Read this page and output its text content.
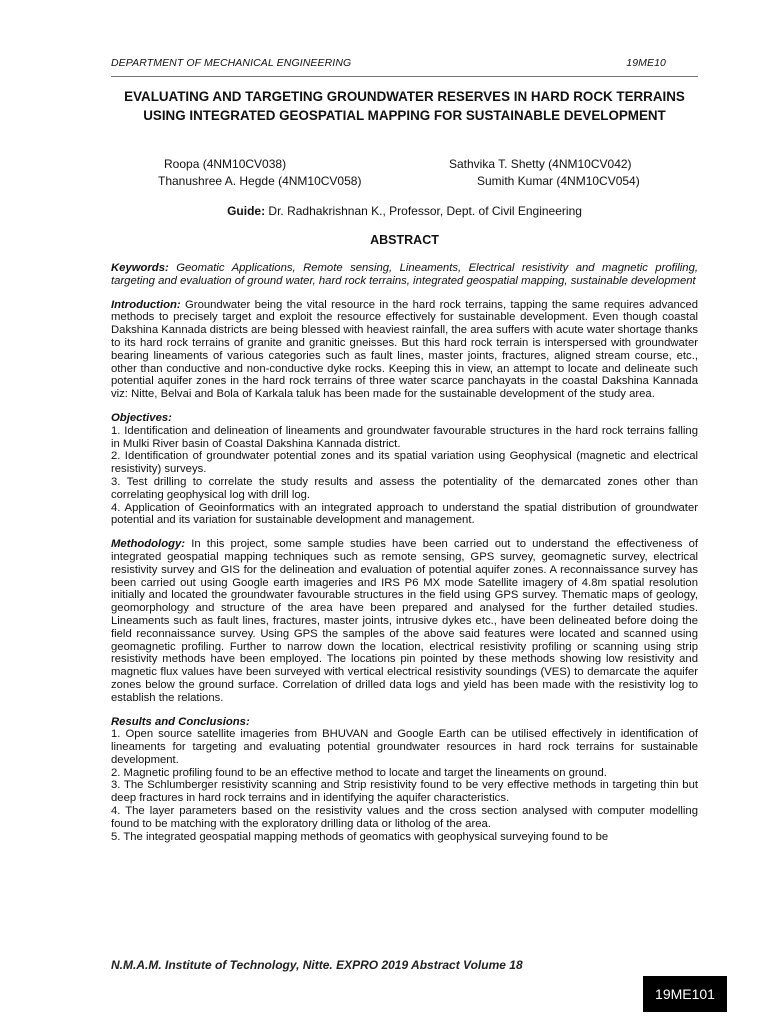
DEPARTMENT OF MECHANICAL ENGINEERING	19ME10
EVALUATING AND TARGETING GROUNDWATER RESERVES IN HARD ROCK TERRAINS USING INTEGRATED GEOSPATIAL MAPPING FOR SUSTAINABLE DEVELOPMENT
Roopa (4NM10CV038)	Sathvika T. Shetty (4NM10CV042)
Thanushree A. Hegde (4NM10CV058)	Sumith Kumar (4NM10CV054)
Guide: Dr. Radhakrishnan K., Professor, Dept. of Civil Engineering
ABSTRACT

Keywords: Geomatic Applications, Remote sensing, Lineaments, Electrical resistivity and magnetic profiling, targeting and evaluation of ground water, hard rock terrains, integrated geospatial mapping, sustainable development

Introduction: Groundwater being the vital resource in the hard rock terrains, tapping the same requires advanced methods to precisely target and exploit the resource effectively for sustainable development. Even though coastal Dakshina Kannada districts are being blessed with heaviest rainfall, the area suffers with acute water shortage thanks to its hard rock terrains of granite and granitic gneisses. But this hard rock terrain is interspersed with groundwater bearing lineaments of various categories such as fault lines, master joints, fractures, aligned stream course, etc., other than conductive and non-conductive dyke rocks. Keeping this in view, an attempt to locate and delineate such potential aquifer zones in the hard rock terrains of three water scarce panchayats in the coastal Dakshina Kannada viz: Nitte, Belvai and Bola of Karkala taluk has been made for the sustainable development of the study area.

Objectives:
1. Identification and delineation of lineaments and groundwater favourable structures in the hard rock terrains falling in Mulki River basin of Coastal Dakshina Kannada district.
2. Identification of groundwater potential zones and its spatial variation using Geophysical (magnetic and electrical resistivity) surveys.
3. Test drilling to correlate the study results and assess the potentiality of the demarcated zones other than correlating geophysical log with drill log.
4. Application of Geoinformatics with an integrated approach to understand the spatial distribution of groundwater potential and its variation for sustainable development and management.

Methodology: In this project, some sample studies have been carried out to understand the effectiveness of integrated geospatial mapping techniques such as remote sensing, GPS survey, geomagnetic survey, electrical resistivity survey and GIS for the delineation and evaluation of potential aquifer zones. A reconnaissance survey has been carried out using Google earth imageries and IRS P6 MX mode Satellite imagery of 4.8m spatial resolution initially and located the groundwater favourable structures in the field using GPS survey. Thematic maps of geology, geomorphology and structure of the area have been prepared and analysed for the further detailed studies. Lineaments such as fault lines, fractures, master joints, intrusive dykes etc., have been delineated before doing the field reconnaissance survey. Using GPS the samples of the above said features were located and scanned using geomagnetic profiling. Further to narrow down the location, electrical resistivity profiling or scanning using strip resistivity methods have been employed. The locations pin pointed by these methods showing low resistivity and magnetic flux values have been surveyed with vertical electrical resistivity soundings (VES) to demarcate the aquifer zones below the ground surface. Correlation of drilled data logs and yield has been made with the resistivity log to establish the relations.

Results and Conclusions:
1. Open source satellite imageries from BHUVAN and Google Earth can be utilised effectively in identification of lineaments for targeting and evaluating potential groundwater resources in hard rock terrains for sustainable development.
2. Magnetic profiling found to be an effective method to locate and target the lineaments on ground.
3. The Schlumberger resistivity scanning and Strip resistivity found to be very effective methods in targeting thin but deep fractures in hard rock terrains and in identifying the aquifer characteristics.
4. The layer parameters based on the resistivity values and the cross section analysed with computer modelling found to be matching with the exploratory drilling data or litholog of the area.
5. The integrated geospatial mapping methods of geomatics with geophysical surveying found to be
N.M.A.M. Institute of Technology, Nitte. EXPRO 2019 Abstract Volume 18
19ME101
